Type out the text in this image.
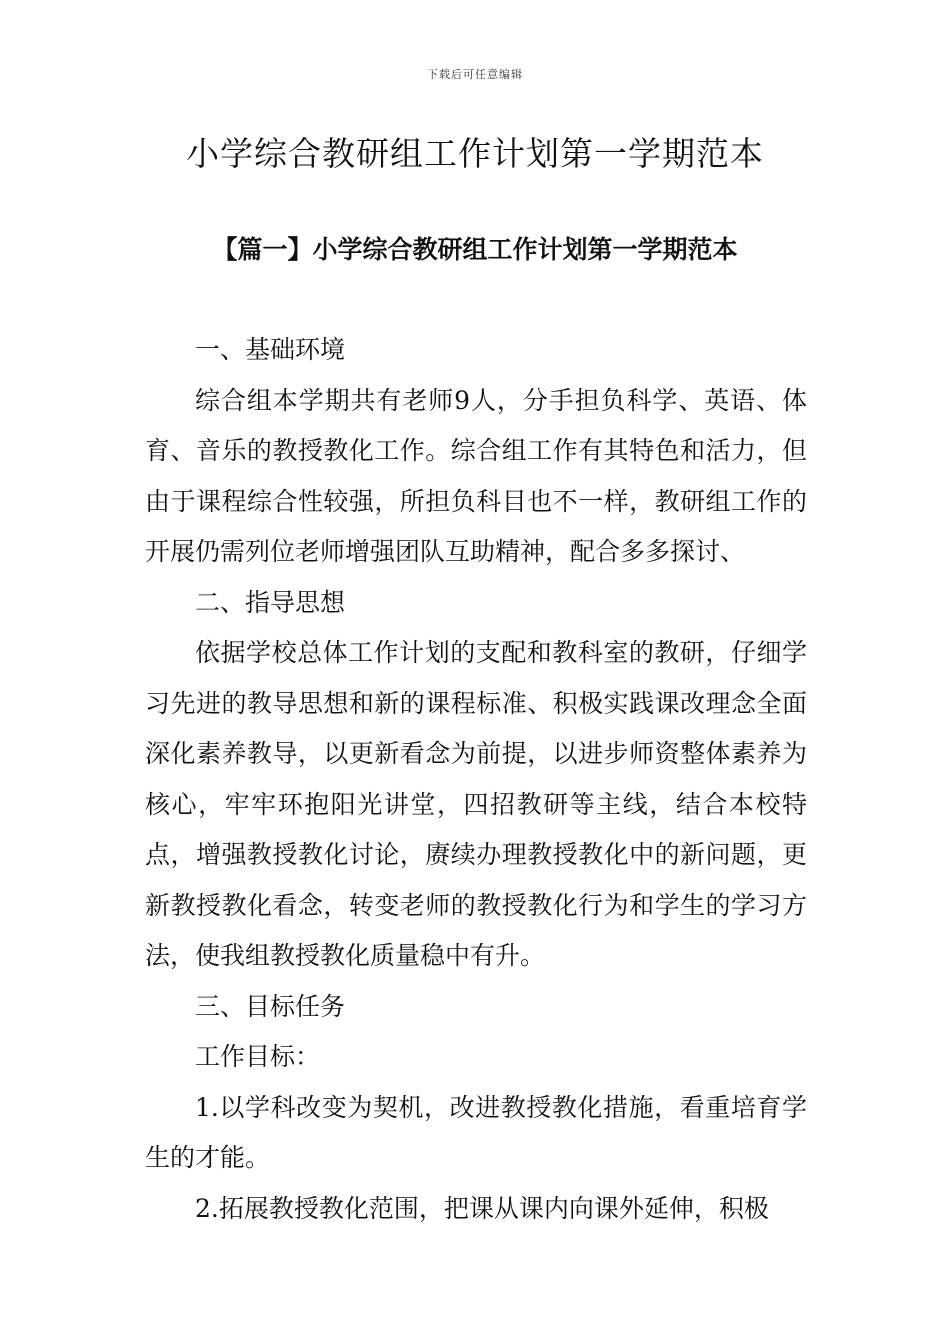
下载后可任意编辑
小学综合教研组工作计划第一学期范本
【篇一】小学综合教研组工作计划第一学期范本

一、基础环境

综合组本学期共有老师9人，分手担负科学、英语、体育、音乐的教授教化工作。综合组工作有其特色和活力，但由于课程综合性较强，所担负科目也不一样，教研组工作的开展仍需列位老师增强团队互助精神，配合多多探讨、

二、指导思想

依据学校总体工作计划的支配和教科室的教研，仔细学习先进的教导思想和新的课程标准、积极实践课改理念全面深化素养教导，以更新看念为前提，以进步师资整体素养为核心，牢牢环抱阳光讲堂，四招教研等主线，结合本校特点，增强教授教化讨论，赓续办理教授教化中的新问题，更新教授教化看念，转变老师的教授教化行为和学生的学习方法，使我组教授教化质量稳中有升。

三、目标任务

工作目标：

1.以学科改变为契机，改进教授教化措施，看重培育学生的才能。

2.拓展教授教化范围，把课从课内向课外延伸，积极
